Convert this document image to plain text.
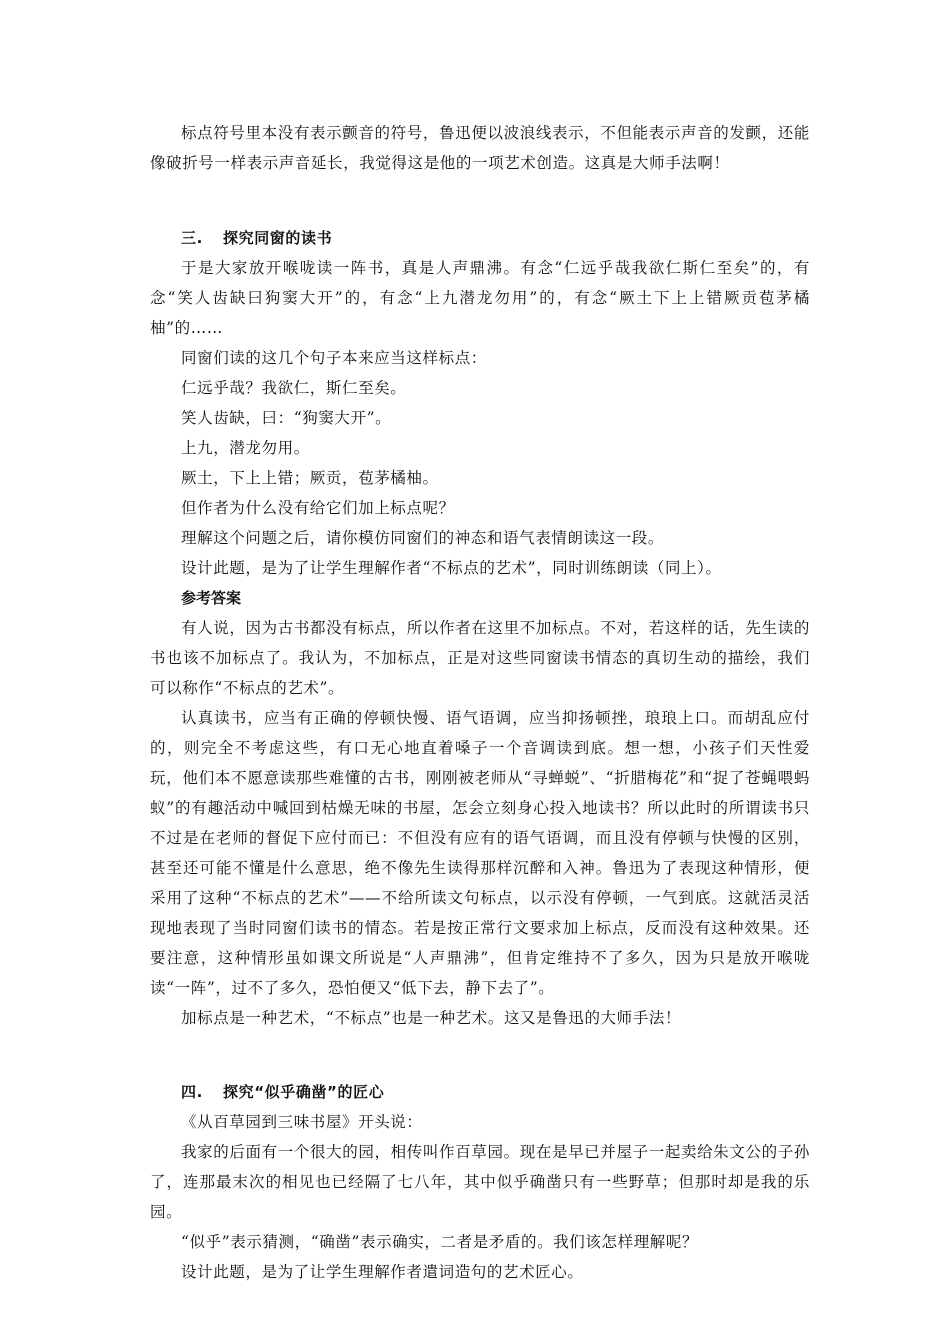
标点符号里本没有表示颤音的符号，鲁迅便以波浪线表示，不但能表示声音的发颤，还能像破折号一样表示声音延长，我觉得这是他的一项艺术创造。这真是大师手法啊！

三. 探究同窗的读书

于是大家放开喉咙读一阵书，真是人声鼎沸。有念“仁远乎哉我欲仁斯仁至矣”的，有念“笑人齿缺曰狗窦大开”的，有念“上九潜龙勿用”的，有念“厥土下上上错厥贡苞茅橘柚”的……

同窗们读的这几个句子本来应当这样标点：

仁远乎哉？我欲仁，斯仁至矣。

笑人齿缺，曰：“狗窦大开”。

上九，潜龙勿用。

厥土，下上上错；厥贡，苞茅橘柚。

但作者为什么没有给它们加上标点呢？

理解这个问题之后，请你模仿同窗们的神态和语气表情朗读这一段。

设计此题，是为了让学生理解作者“不标点的艺术”，同时训练朗读（同上）。

参考答案

有人说，因为古书都没有标点，所以作者在这里不加标点。不对，若这样的话，先生读的书也该不加标点了。我认为，不加标点，正是对这些同窗读书情态的真切生动的描绘，我们可以称作“不标点的艺术”。

认真读书，应当有正确的停顿快慢、语气语调，应当抑扬顿挫，琅琅上口。而胡乱应付的，则完全不考虑这些，有口无心地直着嗓子一个音调读到底。想一想，小孩子们天性爱玩，他们本不愿意读那些难懂的古书，刚刚被老师从“寻蝉蜕”、“折腊梅花”和“捉了苍蝇喂蚂蚁”的有趣活动中喊回到枯燥无味的书屋，怎会立刻身心投入地读书？所以此时的所谓读书只不过是在老师的督促下应付而已：不但没有应有的语气语调，而且没有停顿与快慢的区别，甚至还可能不懂是什么意思，绝不像先生读得那样沉醉和入神。鲁迅为了表现这种情形，便采用了这种“不标点的艺术”——不给所读文句标点，以示没有停顿，一气到底。这就活灵活现地表现了当时同窗们读书的情态。若是按正常行文要求加上标点，反而没有这种效果。还要注意，这种情形虽如课文所说是“人声鼎沸”，但肯定维持不了多久，因为只是放开喉咙读“一阵”，过不了多久，恐怕便又“低下去，静下去了”。

加标点是一种艺术，“不标点”也是一种艺术。这又是鲁迅的大师手法！

四. 探究“似乎确凿”的匠心

《从百草园到三味书屋》开头说：

我家的后面有一个很大的园，相传叫作百草园。现在是早已并屋子一起卖给朱文公的子孙了，连那最末次的相见也已经隔了七八年，其中似乎确凿只有一些野草；但那时却是我的乐园。

“似乎”表示猜测，“确凿”表示确实，二者是矛盾的。我们该怎样理解呢？

设计此题，是为了让学生理解作者遣词造句的艺术匠心。
